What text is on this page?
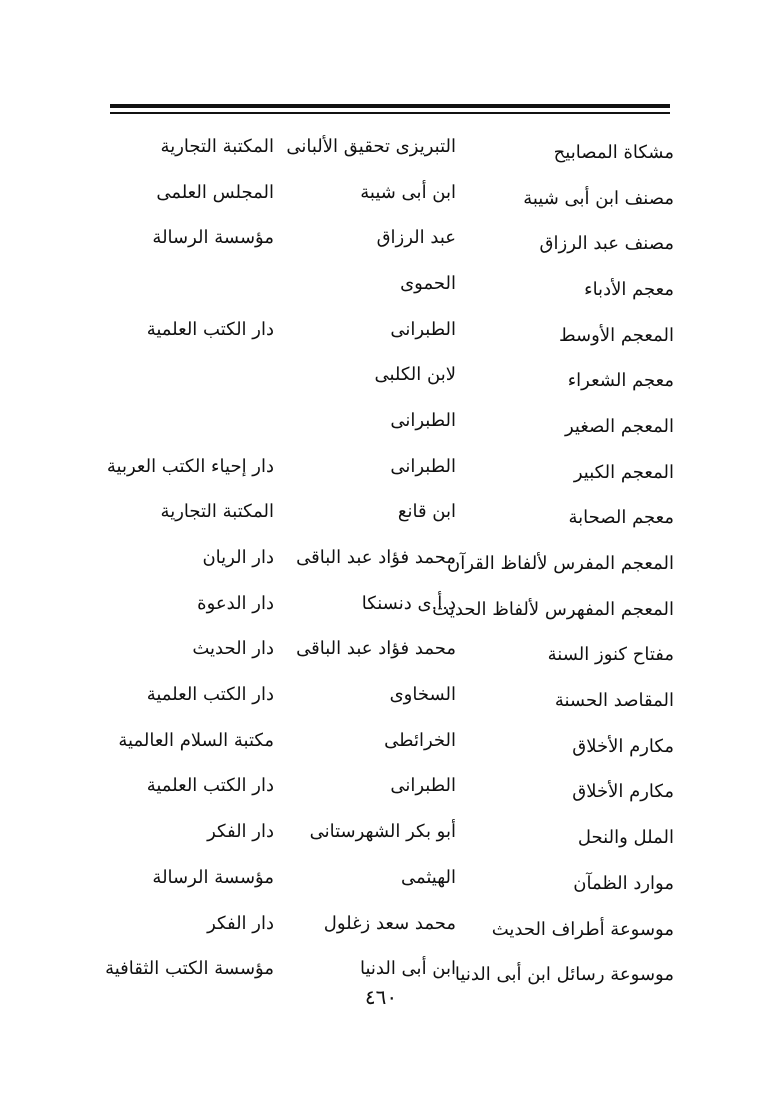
مشكاة المصابيح
التبريزى تحقيق الألبانى
المكتبة التجارية
مصنف ابن أبى شيبة
ابن أبى شيبة
المجلس العلمى
مصنف عبد الرزاق
عبد الرزاق
مؤسسة الرسالة
معجم الأدباء
الحموى
المعجم الأوسط
الطبرانى
دار الكتب العلمية
معجم الشعراء
لابن الكلبى
المعجم الصغير
الطبرانى
المعجم الكبير
الطبرانى
دار إحياء الكتب العربية
معجم الصحابة
ابن قانع
المكتبة التجارية
المعجم المفرس لألفاظ القرآن
محمد فؤاد عبد الباقى
دار الريان
المعجم المفهرس لألفاظ الحديث
د.أ.ى دنسنكا
دار الدعوة
مفتاح كنوز السنة
محمد فؤاد عبد الباقى
دار الحديث
المقاصد الحسنة
السخاوى
دار الكتب العلمية
مكارم الأخلاق
الخرائطى
مكتبة السلام العالمية
مكارم الأخلاق
الطبرانى
دار الكتب العلمية
الملل والنحل
أبو بكر الشهرستانى
دار الفكر
موارد الظمآن
الهيثمى
مؤسسة الرسالة
موسوعة أطراف الحديث
محمد سعد زغلول
دار الفكر
موسوعة رسائل ابن أبى الدنيا
ابن أبى الدنيا
مؤسسة الكتب الثقافية
٤٦٠
